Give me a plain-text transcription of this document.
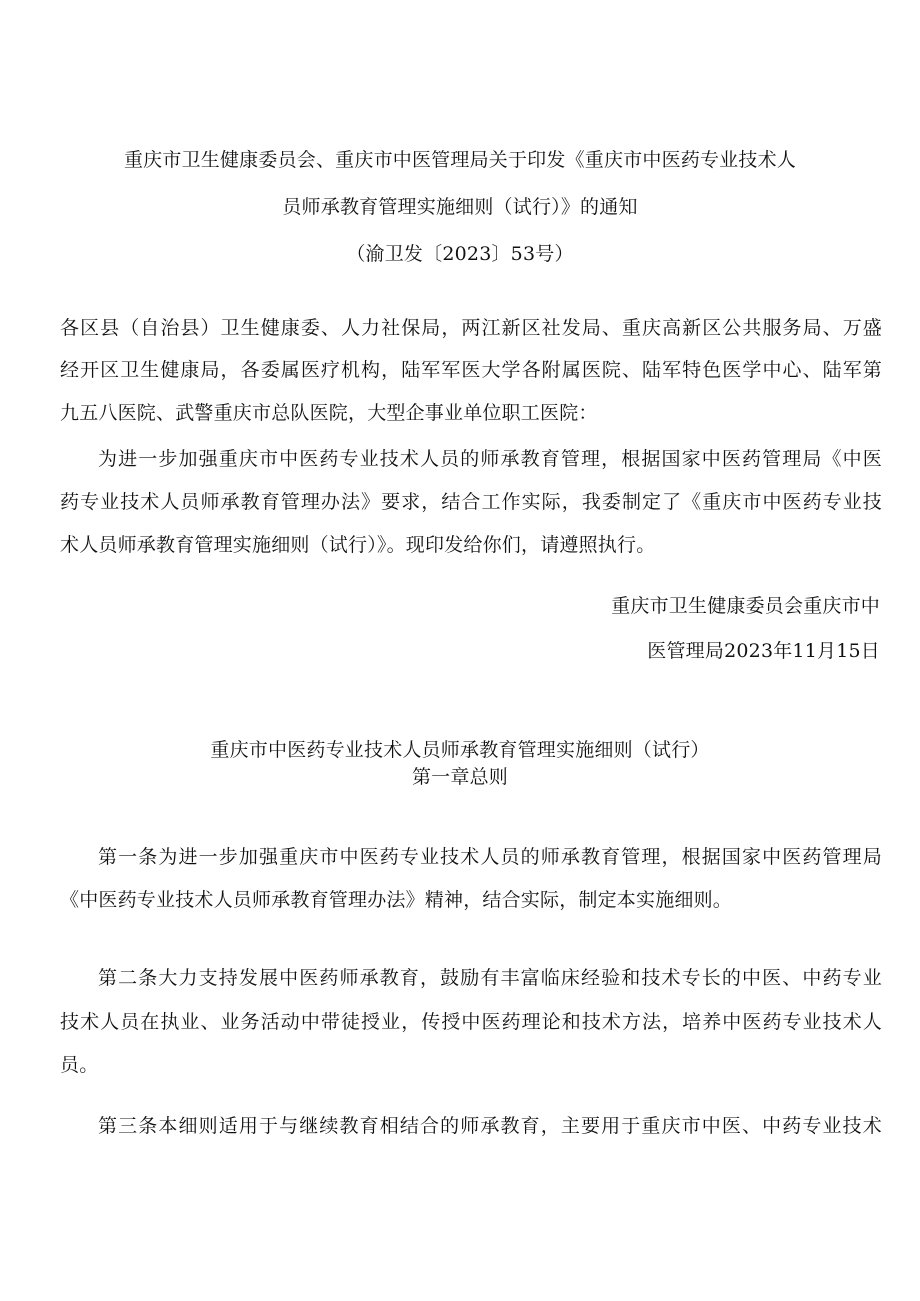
重庆市卫生健康委员会、重庆市中医管理局关于印发《重庆市中医药专业技术人
员师承教育管理实施细则（试行）》的通知
（渝卫发〔2023〕53号）
各区县（自治县）卫生健康委、人力社保局，两江新区社发局、重庆高新区公共服务局、万盛
经开区卫生健康局，各委属医疗机构，陆军军医大学各附属医院、陆军特色医学中心、陆军第
九五八医院、武警重庆市总队医院，大型企事业单位职工医院：
为进一步加强重庆市中医药专业技术人员的师承教育管理，根据国家中医药管理局《中医
药专业技术人员师承教育管理办法》要求，结合工作实际，我委制定了《重庆市中医药专业技
术人员师承教育管理实施细则（试行）》。现印发给你们，请遵照执行。
重庆市卫生健康委员会重庆市中
医管理局2023年11月15日
重庆市中医药专业技术人员师承教育管理实施细则（试行）
第一章总则
第一条为进一步加强重庆市中医药专业技术人员的师承教育管理，根据国家中医药管理局
《中医药专业技术人员师承教育管理办法》精神，结合实际，制定本实施细则。
第二条大力支持发展中医药师承教育，鼓励有丰富临床经验和技术专长的中医、中药专业
技术人员在执业、业务活动中带徒授业，传授中医药理论和技术方法，培养中医药专业技术人
员。
第三条本细则适用于与继续教育相结合的师承教育，主要用于重庆市中医、中药专业技术
